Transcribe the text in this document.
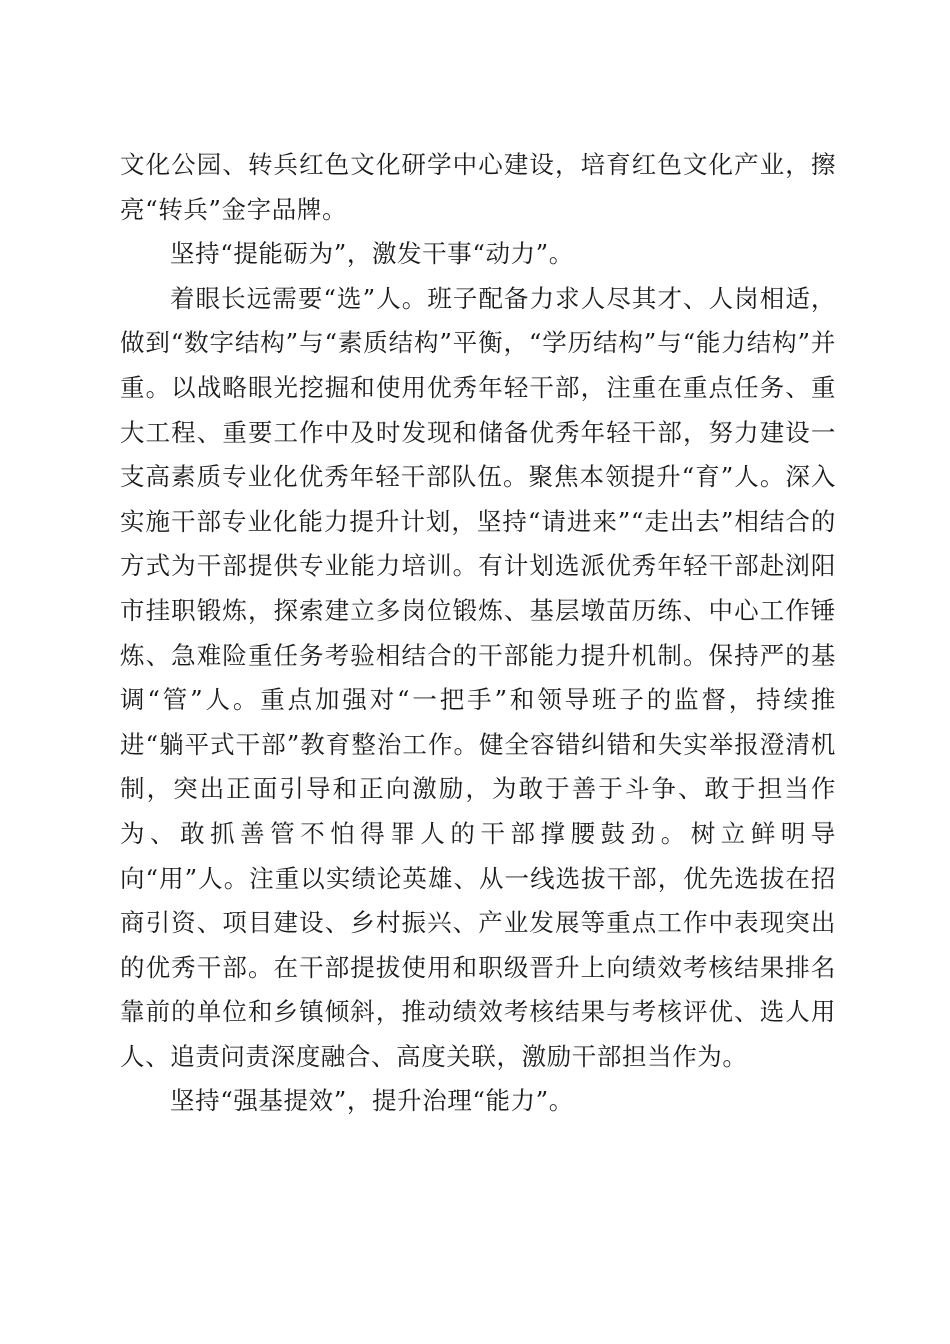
文化公园、转兵红色文化研学中心建设，培育红色文化产业，擦亮“转兵”金字品牌。

坚持“提能砺为”，激发干事“动力”。

着眼长远需要“选”人。班子配备力求人尽其才、人岗相适，做到“数字结构”与“素质结构”平衡，“学历结构”与“能力结构”并重。以战略眼光挖掘和使用优秀年轻干部，注重在重点任务、重大工程、重要工作中及时发现和储备优秀年轻干部，努力建设一支高素质专业化优秀年轻干部队伍。聚焦本领提升“育”人。深入实施干部专业化能力提升计划，坚持“请进来”“走出去”相结合的方式为干部提供专业能力培训。有计划选派优秀年轻干部赴浏阳市挂职锻炼，探索建立多岗位锻炼、基层墩苗历练、中心工作锤炼、急难险重任务考验相结合的干部能力提升机制。保持严的基调“管”人。重点加强对“一把手”和领导班子的监督，持续推进“躺平式干部”教育整治工作。健全容错纠错和失实举报澄清机制，突出正面引导和正向激励，为敢于善于斗争、敢于担当作为、敢抓善管不怕得罪人的干部撑腰鼓劲。树立鲜明导向“用”人。注重以实绩论英雄、从一线选拔干部，优先选拔在招商引资、项目建设、乡村振兴、产业发展等重点工作中表现突出的优秀干部。在干部提拔使用和职级晋升上向绩效考核结果排名靠前的单位和乡镇倾斜，推动绩效考核结果与考核评优、选人用人、追责问责深度融合、高度关联，激励干部担当作为。

坚持“强基提效”，提升治理“能力”。
